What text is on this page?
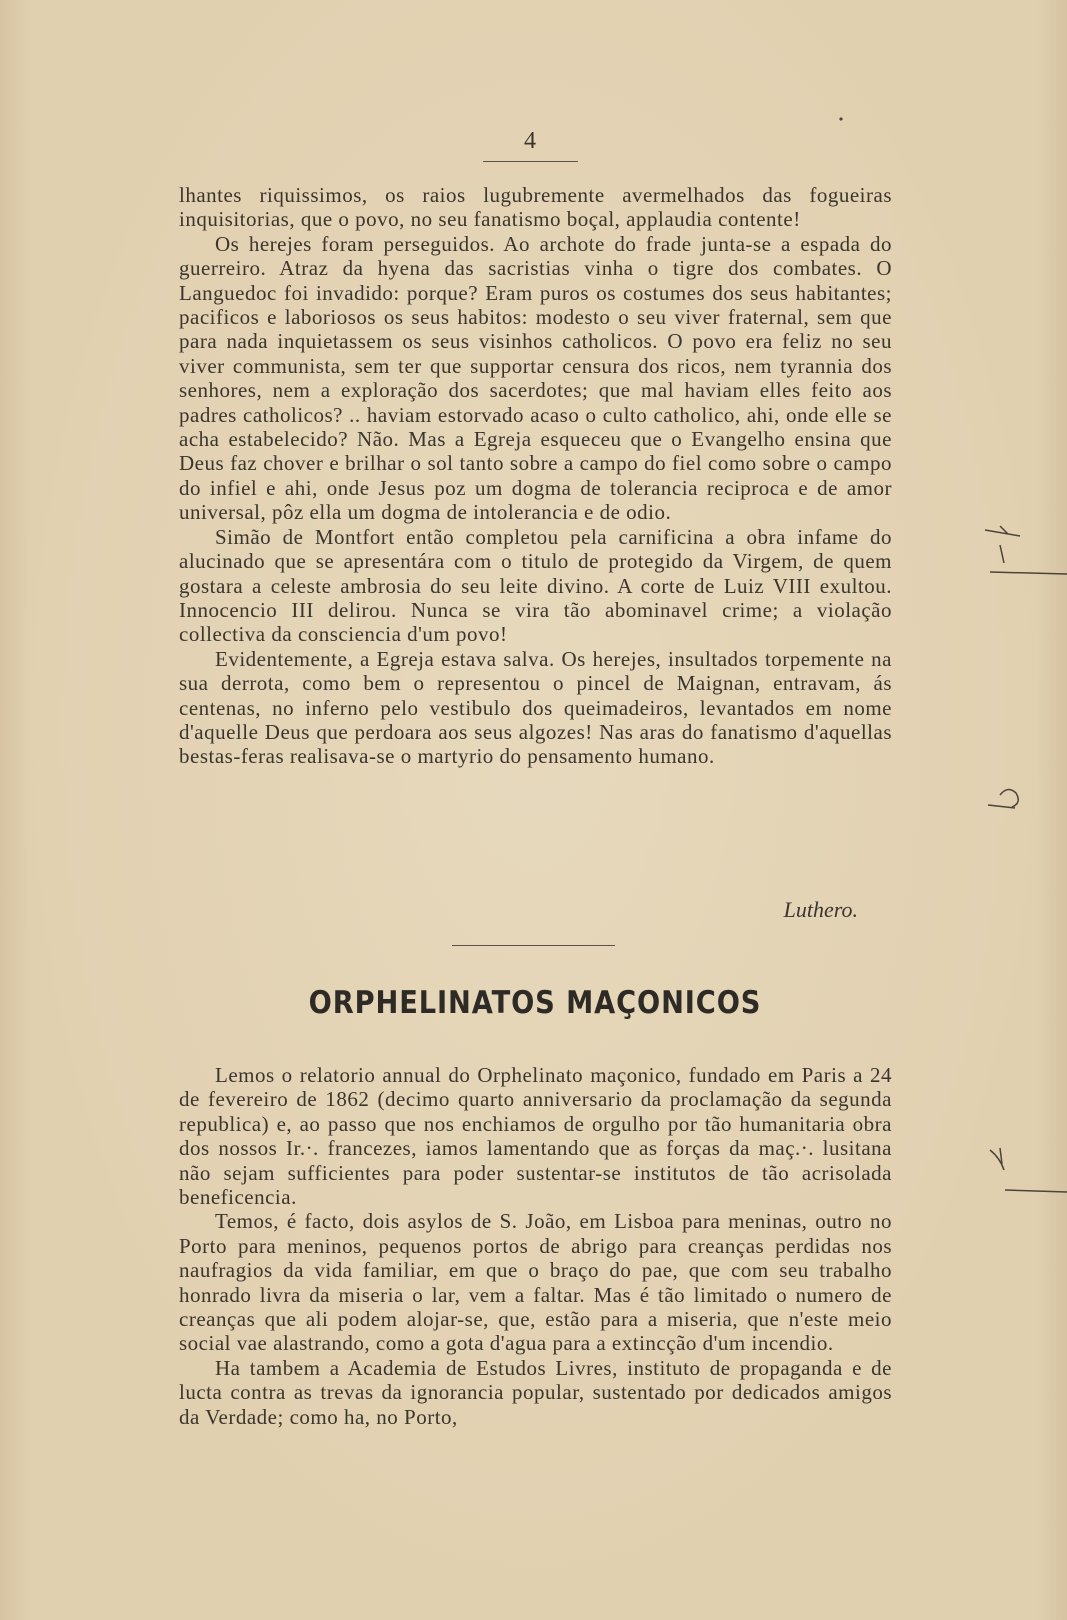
4

lhantes riquissimos, os raios lugubremente avermelhados das fogueiras inquisitorias, que o povo, no seu fanatismo boçal, applaudia contente!

Os herejes foram perseguidos. Ao archote do frade junta-se a espada do guerreiro. Atraz da hyena das sacristias vinha o tigre dos combates. O Languedoc foi invadido: porque? Eram puros os costumes dos seus habitantes; pacificos e laboriosos os seus habitos: modesto o seu viver fraternal, sem que para nada inquietassem os seus visinhos catholicos. O povo era feliz no seu viver communista, sem ter que supportar censura dos ricos, nem tyrannia dos senhores, nem a exploração dos sacerdotes; que mal haviam elles feito aos padres catholicos? .. haviam estorvado acaso o culto catholico, ahi, onde elle se acha estabelecido? Não. Mas a Egreja esqueceu que o Evangelho ensina que Deus faz chover e brilhar o sol tanto sobre a campo do fiel como sobre o campo do infiel e ahi, onde Jesus poz um dogma de tolerancia reciproca e de amor universal, pôz ella um dogma de intolerancia e de odio.

Simão de Montfort então completou pela carnificina a obra infame do alucinado que se apresentára com o titulo de protegido da Virgem, de quem gostara a celeste ambrosia do seu leite divino. A corte de Luiz VIII exultou. Innocencio III delirou. Nunca se vira tão abominavel crime; a violação collectiva da consciencia d'um povo!

Evidentemente, a Egreja estava salva. Os herejes, insultados torpemente na sua derrota, como bem o representou o pincel de Maignan, entravam, ás centenas, no inferno pelo vestibulo dos queimadeiros, levantados em nome d'aquelle Deus que perdoara aos seus algozes! Nas aras do fanatismo d'aquellas bestas-feras realisava-se o martyrio do pensamento humano.

Luthero.
ORPHELINATOS MAÇONICOS

Lemos o relatorio annual do Orphelinato maçonico, fundado em Paris a 24 de fevereiro de 1862 (decimo quarto anniversario da proclamação da segunda republica) e, ao passo que nos enchiamos de orgulho por tão humanitaria obra dos nossos Ir.·. francezes, iamos lamentando que as forças da maç.·. lusitana não sejam sufficientes para poder sustentar-se institutos de tão acrisolada beneficencia.

Temos, é facto, dois asylos de S. João, em Lisboa para meninas, outro no Porto para meninos, pequenos portos de abrigo para creanças perdidas nos naufragios da vida familiar, em que o braço do pae, que com seu trabalho honrado livra da miseria o lar, vem a faltar. Mas é tão limitado o numero de creanças que ali podem alojar-se, que, estão para a miseria, que n'este meio social vae alastrando, como a gota d'agua para a extincção d'um incendio.

Ha tambem a Academia de Estudos Livres, instituto de propaganda e de lucta contra as trevas da ignorancia popular, sustentado por dedicados amigos da Verdade; como ha, no Porto,
